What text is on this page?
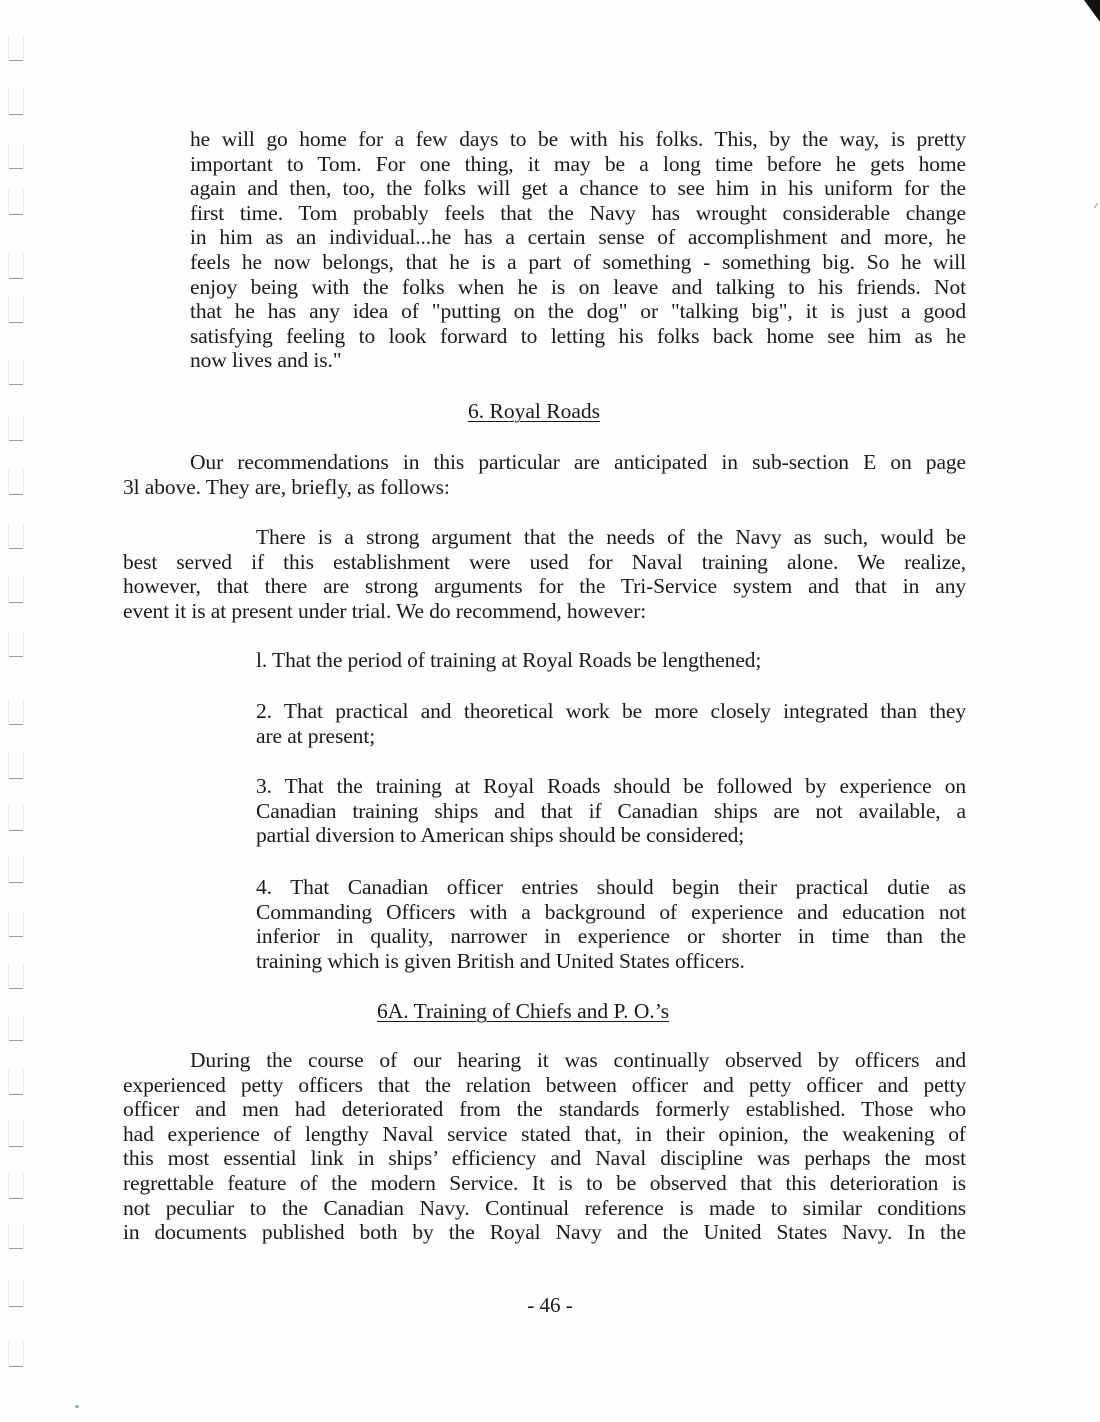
he will go home for a few days to be with his folks. This, by the way, is pretty
important to Tom. For one thing, it may be a long time before he gets home
again and then, too, the folks will get a chance to see him in his uniform for the
first time. Tom probably feels that the Navy has wrought considerable change
in him as an individual...he has a certain sense of accomplishment and more, he
feels he now belongs, that he is a part of something - something big. So he will
enjoy being with the folks when he is on leave and talking to his friends. Not
that he has any idea of "putting on the dog" or "talking big", it is just a good
satisfying feeling to look forward to letting his folks back home see him as he
now lives and is."
6. Royal Roads
Our recommendations in this particular are anticipated in sub-section E on page
3l above. They are, briefly, as follows:
There is a strong argument that the needs of the Navy as such, would be
best served if this establishment were used for Naval training alone. We realize,
however, that there are strong arguments for the Tri-Service system and that in any
event it is at present under trial. We do recommend, however:
l. That the period of training at Royal Roads be lengthened;
2. That practical and theoretical work be more closely integrated than they
are at present;
3. That the training at Royal Roads should be followed by experience on
Canadian training ships and that if Canadian ships are not available, a
partial diversion to American ships should be considered;
4. That Canadian officer entries should begin their practical dutie as
Commanding Officers with a background of experience and education not
inferior in quality, narrower in experience or shorter in time than the
training which is given British and United States officers.
6A. Training of Chiefs and P. O.’s
During the course of our hearing it was continually observed by officers and
experienced petty officers that the relation between officer and petty officer and petty
officer and men had deteriorated from the standards formerly established. Those who
had experience of lengthy Naval service stated that, in their opinion, the weakening of
this most essential link in ships’ efficiency and Naval discipline was perhaps the most
regrettable feature of the modern Service. It is to be observed that this deterioration is
not peculiar to the Canadian Navy. Continual reference is made to similar conditions
in documents published both by the Royal Navy and the United States Navy. In the
- 46 -
